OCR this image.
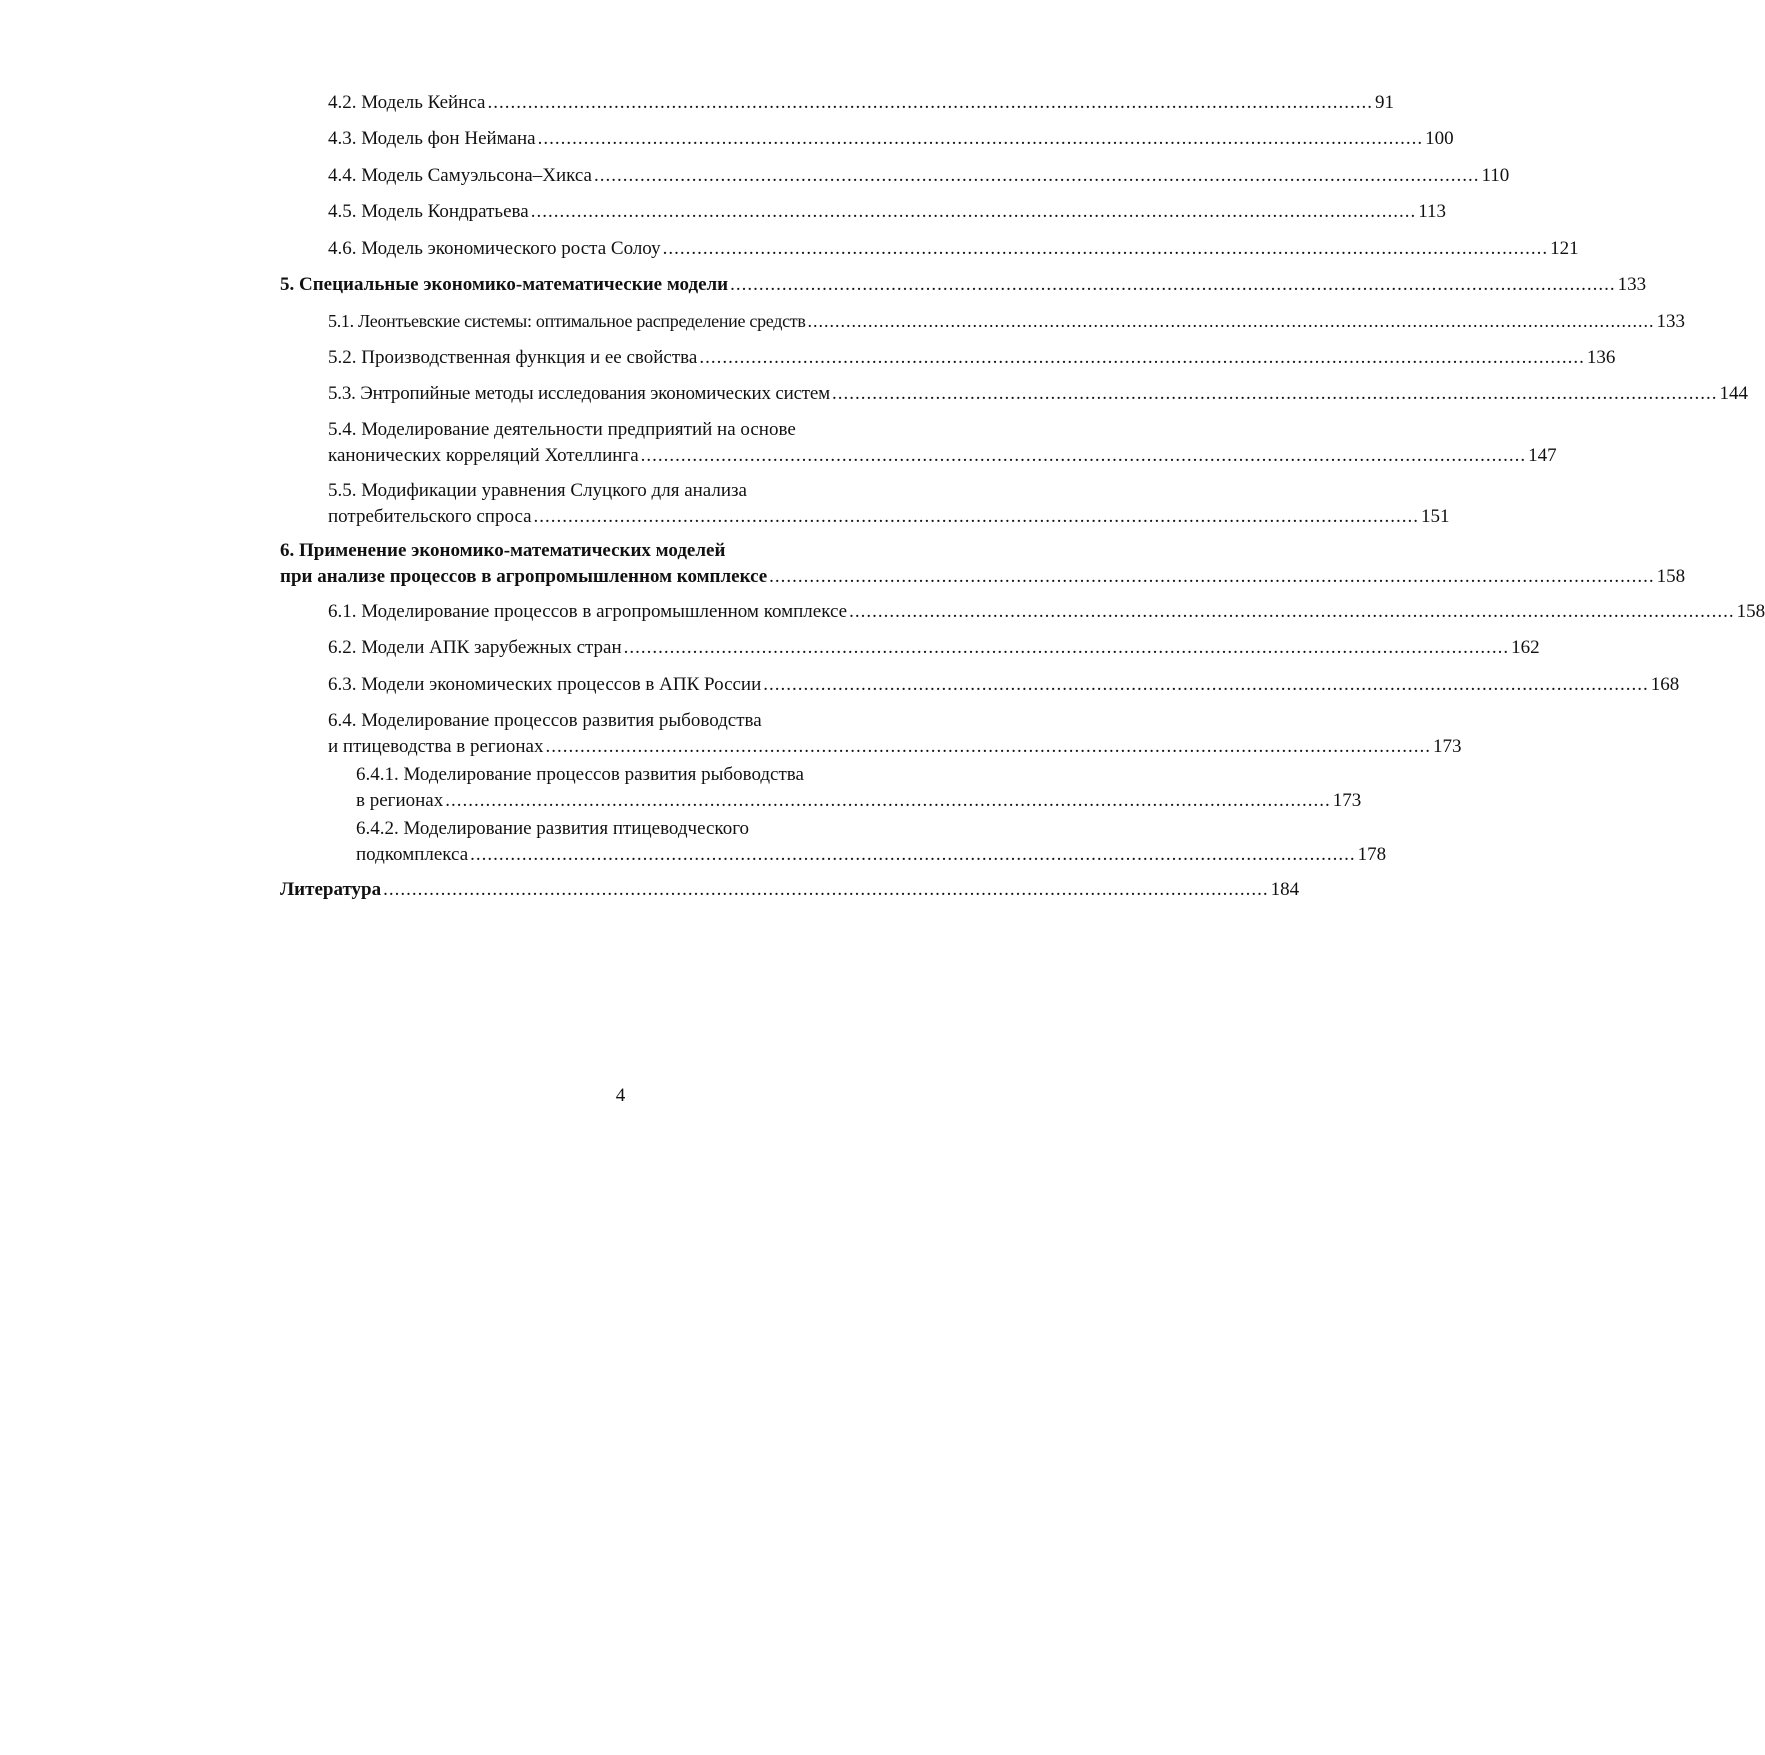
4.2. Модель Кейнса .......................................................................................................................................................... 91
4.3. Модель фон Неймана .......................................................................................................................................................... 100
4.4. Модель Самуэльсона–Хикса .......................................................................................................................................................... 110
4.5. Модель Кондратьева .......................................................................................................................................................... 113
4.6. Модель экономического роста Солоу .......................................................................................................................................................... 121
5. Специальные экономико-математические модели .......................................................................................................................................................... 133
5.1. Леонтьевские системы: оптимальное распределение средств .......................................................................................................................................................... 133
5.2. Производственная функция и ее свойства .......................................................................................................................................................... 136
5.3. Энтропийные методы исследования экономических систем .......................................................................................................................................................... 144
5.4. Моделирование деятельности предприятий на основе
канонических корреляций Хотеллинга .......................................................................................................................................................... 147
5.5. Модификации уравнения Слуцкого для анализа
потребительского спроса .......................................................................................................................................................... 151
6. Применение экономико-математических моделей
при анализе процессов в агропромышленном комплексе .......................................................................................................................................................... 158
6.1. Моделирование процессов в агропромышленном комплексе .......................................................................................................................................................... 158
6.2. Модели АПК зарубежных стран .......................................................................................................................................................... 162
6.3. Модели экономических процессов в АПК России .......................................................................................................................................................... 168
6.4. Моделирование процессов развития рыбоводства
и птицеводства в регионах .......................................................................................................................................................... 173
6.4.1. Моделирование процессов развития рыбоводства
в регионах .......................................................................................................................................................... 173
6.4.2. Моделирование развития птицеводческого
подкомплекса .......................................................................................................................................................... 178
Литература .......................................................................................................................................................... 184
4
